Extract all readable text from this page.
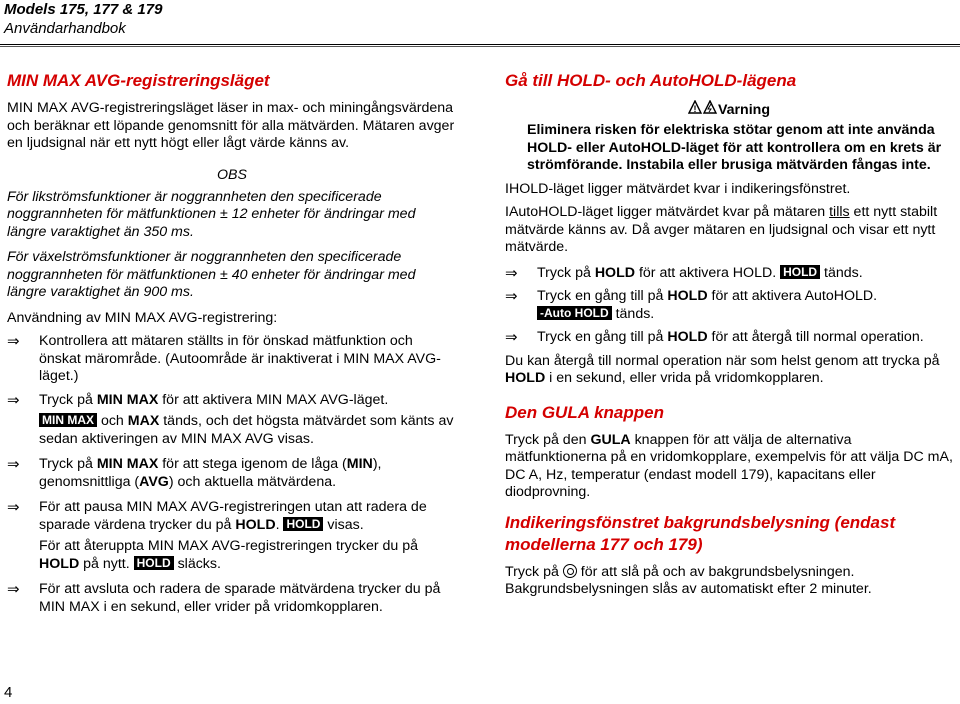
Models 175, 177 & 179
Användarhandbok
MIN MAX AVG-registreringsläget

MIN MAX AVG-registreringsläget läser in max- och miningångsvärdena och beräknar ett löpande genomsnitt för alla mätvärden. Mätaren avger en ljudsignal när ett nytt högt eller lågt värde känns av.

OBS

För likströmsfunktioner är noggrannheten den specificerade noggrannheten för mätfunktionen ± 12 enheter för ändringar med längre varaktighet än 350 ms.

För växelströmsfunktioner är noggrannheten den specificerade noggrannheten för mätfunktionen ± 40 enheter för ändringar med längre varaktighet än 900 ms.

Användning av MIN MAX AVG-registrering:

⇒ Kontrollera att mätaren ställts in för önskad mätfunktion och önskat märområde. (Autoområde är inaktiverat i MIN MAX AVG-läget.)
⇒ Tryck på MIN MAX för att aktivera MIN MAX AVG-läget.
MIN MAX och MAX tänds, och det högsta mätvärdet som känts av sedan aktiveringen av MIN MAX AVG visas.
⇒ Tryck på MIN MAX för att stega igenom de låga (MIN), genomsnittliga (AVG) och aktuella mätvärdena.
⇒ För att pausa MIN MAX AVG-registreringen utan att radera de sparade värdena trycker du på HOLD. HOLD visas.
För att återuppta MIN MAX AVG-registreringen trycker du på HOLD på nytt. HOLD släcks.
⇒ För att avsluta och radera de sparade mätvärdena trycker du på MIN MAX i en sekund, eller vrider på vridomkopplaren.
Gå till HOLD- och AutoHOLD-lägena
! Varning

Eliminera risken för elektriska stötar genom att inte använda HOLD- eller AutoHOLD-läget för att kontrollera om en krets är strömförande. Instabila eller brusiga mätvärden fångas inte.

IHOLD-läget ligger mätvärdet kvar i indikeringsfönstret.

IAutoHOLD-läget ligger mätvärdet kvar på mätaren tills ett nytt stabilt mätvärde känns av. Då avger mätaren en ljudsignal och visar ett nytt mätvärde.

⇒ Tryck på HOLD för att aktivera HOLD. HOLD tänds.
⇒ Tryck en gång till på HOLD för att aktivera AutoHOLD.
-Auto HOLD tänds.
⇒ Tryck en gång till på HOLD för att återgå till normal operation.

Du kan återgå till normal operation när som helst genom att trycka på HOLD i en sekund, eller vrida på vridomkopplaren.

Den GULA knappen

Tryck på den GULA knappen för att välja de alternativa mätfunktionerna på en vridomkopplare, exempelvis för att välja DC mA, DC A, Hz, temperatur (endast modell 179), kapacitans eller diodprovning.

Indikeringsfönstret bakgrundsbelysning (endast modellerna 177 och 179)

Tryck på  för att slå på och av bakgrundsbelysningen. Bakgrundsbelysningen slås av automatiskt efter 2 minuter.

4
